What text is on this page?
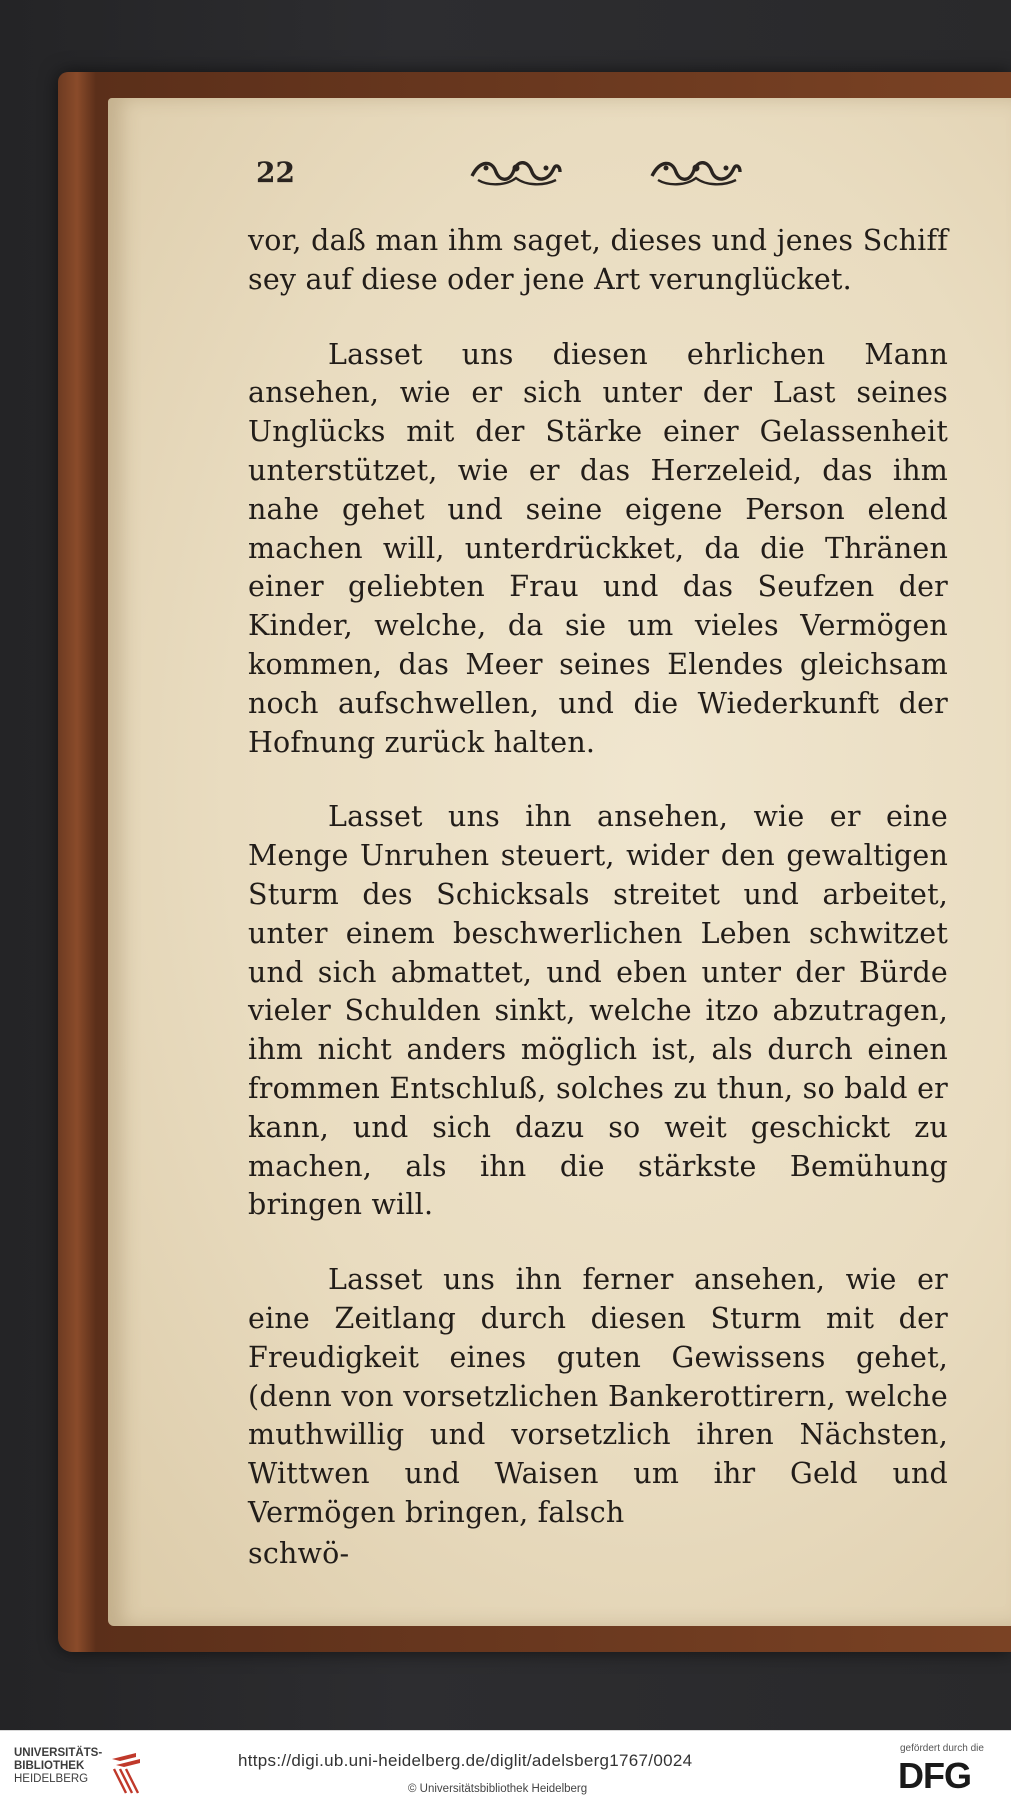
22

vor, daß man ihm saget, dieses und jenes Schiff sey auf diese oder jene Art verunglücket.

Lasset uns diesen ehrlichen Mann ansehen, wie er sich unter der Last seines Unglücks mit der Stärke einer Gelassenheit unterstützet, wie er das Herzeleid, das ihm nahe gehet und seine eigene Person elend machen will, unterdrückket, da die Thränen einer geliebten Frau und das Seufzen der Kinder, welche, da sie um vieles Vermögen kommen, das Meer seines Elendes gleichsam noch aufschwellen, und die Wiederkunft der Hofnung zurück halten.

Lasset uns ihn ansehen, wie er eine Menge Unruhen steuert, wider den gewaltigen Sturm des Schicksals streitet und arbeitet, unter einem beschwerlichen Leben schwitzet und sich abmattet, und eben unter der Bürde vieler Schulden sinkt, welche itzo abzutragen, ihm nicht anders möglich ist, als durch einen frommen Entschluß, solches zu thun, so bald er kann, und sich dazu so weit geschickt zu machen, als ihn die stärkste Bemühung bringen will.

Lasset uns ihn ferner ansehen, wie er eine Zeitlang durch diesen Sturm mit der Freudigkeit eines guten Gewissens gehet, (denn von vorsetzlichen Bankerottirern, welche muthwillig und vorsetzlich ihren Nächsten, Wittwen und Waisen um ihr Geld und Vermögen bringen, falsch

schwö-

UNIVERSITÄTS-
BIBLIOTHEK
HEIDELBERG
https://digi.ub.uni-heidelberg.de/diglit/adelsberg1767/0024
© Universitätsbibliothek Heidelberg
gefördert durch die
DFG
